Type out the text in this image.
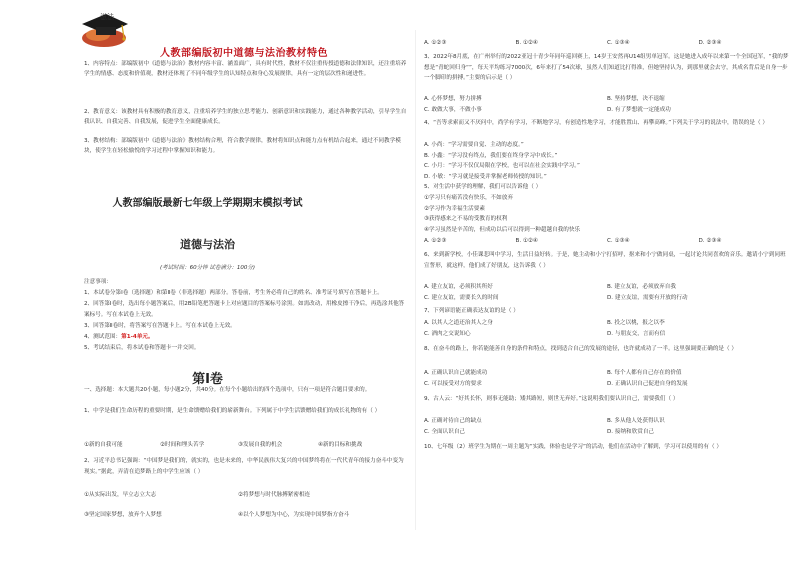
滋法
人教部编版初中道德与法治教材特色
1、内容特点：部编版初中《道德与法治》教材内容丰富、涵盖面广，具有时代性，教材不仅注重传授道德和法律知识，还注重培养学生的情感、态度和价值观，教材还体现了不同年级学生的认知特点和身心发展规律，具有一定的层次性和递进性。
2、教育意义：该教材具有积极的教育意义，注重培养学生的独立思考能力、创新意识和实践能力，通过各种教学活动，引导学生自我认识、自我完善、自我发展，促进学生全面健康成长。
3、教材结构：部编版初中《道德与法治》教材结构合理，符合教学规律，教材将知识点和能力点有机结合起来，通过不同教学模块，使学生在轻松愉悦的学习过程中掌握知识和能力。
人教部编版最新七年级上学期期末模拟考试
道德与法治
(考试时间：60分钟 试卷满分：100分)
注意事项：
1、本试卷分第Ⅰ卷（选择题）和第Ⅱ卷（非选择题）两部分。答卷前，考生务必将自己的姓名、准考证号填写在答题卡上。
2、回答第Ⅰ卷时，选出每小题答案后，用2B铅笔把答题卡上对应题目的答案标号涂黑。如需改动，用橡皮擦干净后，再选涂其他答案标号。写在本试卷上无效。
3、回答第Ⅱ卷时，将答案写在答题卡上。写在本试卷上无效。
4、测试范围：第1-4单元。
5、考试结束后，将本试卷和答题卡一并交回。
第Ⅰ卷
一、选择题：本大题共20小题，每小题2分，共40分。在每个小题给出的四个选项中，只有一项是符合题目要求的。
1、中学是我们生命历程的重要时期，是生命馈赠给我们的崭新舞台。下列属于中学生活馈赠给我们的成长礼物的有（ ）
①新的自我可能	②时间和埋头苦学	③发展自我的机会	④新的目标和挑战
2、习近平总书记强调：“中国梦是我们的，就实的，也是未来的，中华民族伟大复兴的中国梦终将在一代代青年的接力奋斗中变为现实。”据此，弄清在追梦路上的中学生应该（ ）
①从实际出发，早立志立大志	②将梦想与时代脉搏紧密相连
③坚定国家梦想，放弃个人梦想	④以个人梦想为中心，为实现中国梦指方奋斗
A. ①②③	B. ①②④	C. ①③④	D. ②③④
3、2022年8月底，在广州举行的2022亚冠十青少年同年巡回赛上，14岁王安然再U14组男单冠军。这是她进入成年以来第一个全国冠军，“我的梦想是“青蛇回归身“”，每天平均练习7000次，6年来打了54次球，虽然人们知道比打得准，但她坚持认为，到那里就会去守，其成名背后是自身一步一个脚印的拼搏。”主要的启示是（ ）
A. 心怀梦想，努力拼搏	B. 坚持梦想，决不退缩
C. 敢做大事，不做小事	D. 有了梦想就一定能成功
4、“吾等求索而又不厌问中，尚学有学习，不断地学习，有创造性地学习，才能胜置山、再攀高峰。”下列关于学习的说法中，错误的是（ ）
A. 小尚：“学习需要自觉、主动的态度。”
B. 小鑫：“学习没有终点，我们要在终身学习中成长。”
C. 小月：“学习不仅仅局限在学校，也可以在社会实践中学习。”
D. 小敏：“学习就是接受并掌握老师传授的知识。”
5、对生活中获学的理解，我们可以告诉他（ ）
①学习只有痛苦没有快乐，不如放弃
②学习作为幸福生活要素
③获得感来之不易的受教育的权利
④学习虽然是辛苦的，但成功以后可以得到一种超越自我的快乐
A. ①②③	B. ①②④	C. ①③④	D. ②③④
6、来到新学校，小佳课悲叫中学习，生活日益好转。于是，她主动和小宁打招呼，抠来和小宁做同桌，一起讨论共同喜欢的音乐。邀请小宁到同班宣誓形，就这样，他们成了好朋友，这告诉我（ ）
A. 建立友谊，必须积其所好	B. 建立友谊，必须放弃自我
C. 建立友谊，需要长久的时间	D. 建立友谊，需要有开放的行动
7、下列谚语能正确表达友谊的是（ ）
A. 以其人之道还治其人之身	B. 投之以桃，报之以李
C. 酒肉之交说知心	D. 与朋友交，言而有信
8、在奋斗的路上，你若能能善自身的条件和特点，找到适合自己的发展的途径，也许就成功了一半。这里强调要正确的是（ ）
A. 正确认识自己就能成功	B. 每个人都有自己存在的价值
C. 可以接受对方的要求	D. 正确认识自己促进自身的发展
9、古人云：“好其长怀，则事无能助；矮其路短，则世无弃好。”这说明我们要认识自己，需要我们（ ）
A. 正确对待自己的缺点	B. 多从他人处获得认识
C. 全面认识自己	D. 接纳和欣赏自己
10、七年级（2）班学生为期在一周主题为“实践，体验也是学习”的活动，他们在活动中了解到，学习可以使用的有（ ）
